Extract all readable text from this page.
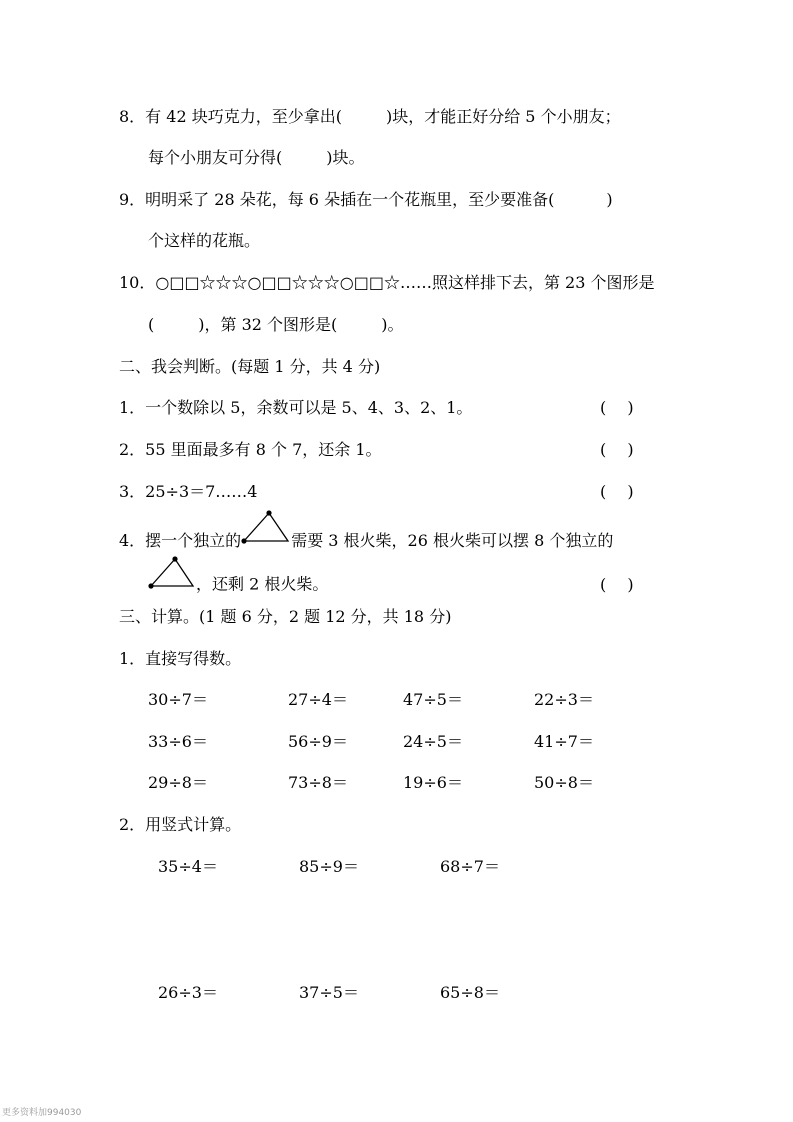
8．有 42 块巧克力，至少拿出(	)块，才能正好分给 5 个小朋友；
每个小朋友可分得(	)块。
9．明明采了 28 朵花，每 6 朵插在一个花瓶里，至少要准备(	)
个这样的花瓶。
10．○□□☆☆☆○□□☆☆☆○□□☆……照这样排下去，第 23 个图形是
(	)，第 32 个图形是(	)。
二、我会判断。(每题 1 分，共 4 分)
1．一个数除以 5，余数可以是 5、4、3、2、1。	(　 )
2．55 里面最多有 8 个 7，还余 1。	(　 )
3．25÷3＝7……4	(　 )
4．摆一个独立的	需要 3 根火柴，26 根火柴可以摆 8 个独立的
，还剩 2 根火柴。	(　 )
三、计算。(1 题 6 分，2 题 12 分，共 18 分)
1．直接写得数。
30÷7＝	27÷4＝	47÷5＝	22÷3＝
33÷6＝	56÷9＝	24÷5＝	41÷7＝
29÷8＝	73÷8＝	19÷6＝	50÷8＝
2．用竖式计算。
35÷4＝	85÷9＝	68÷7＝
26÷3＝	37÷5＝	65÷8＝
更多资料加994030
